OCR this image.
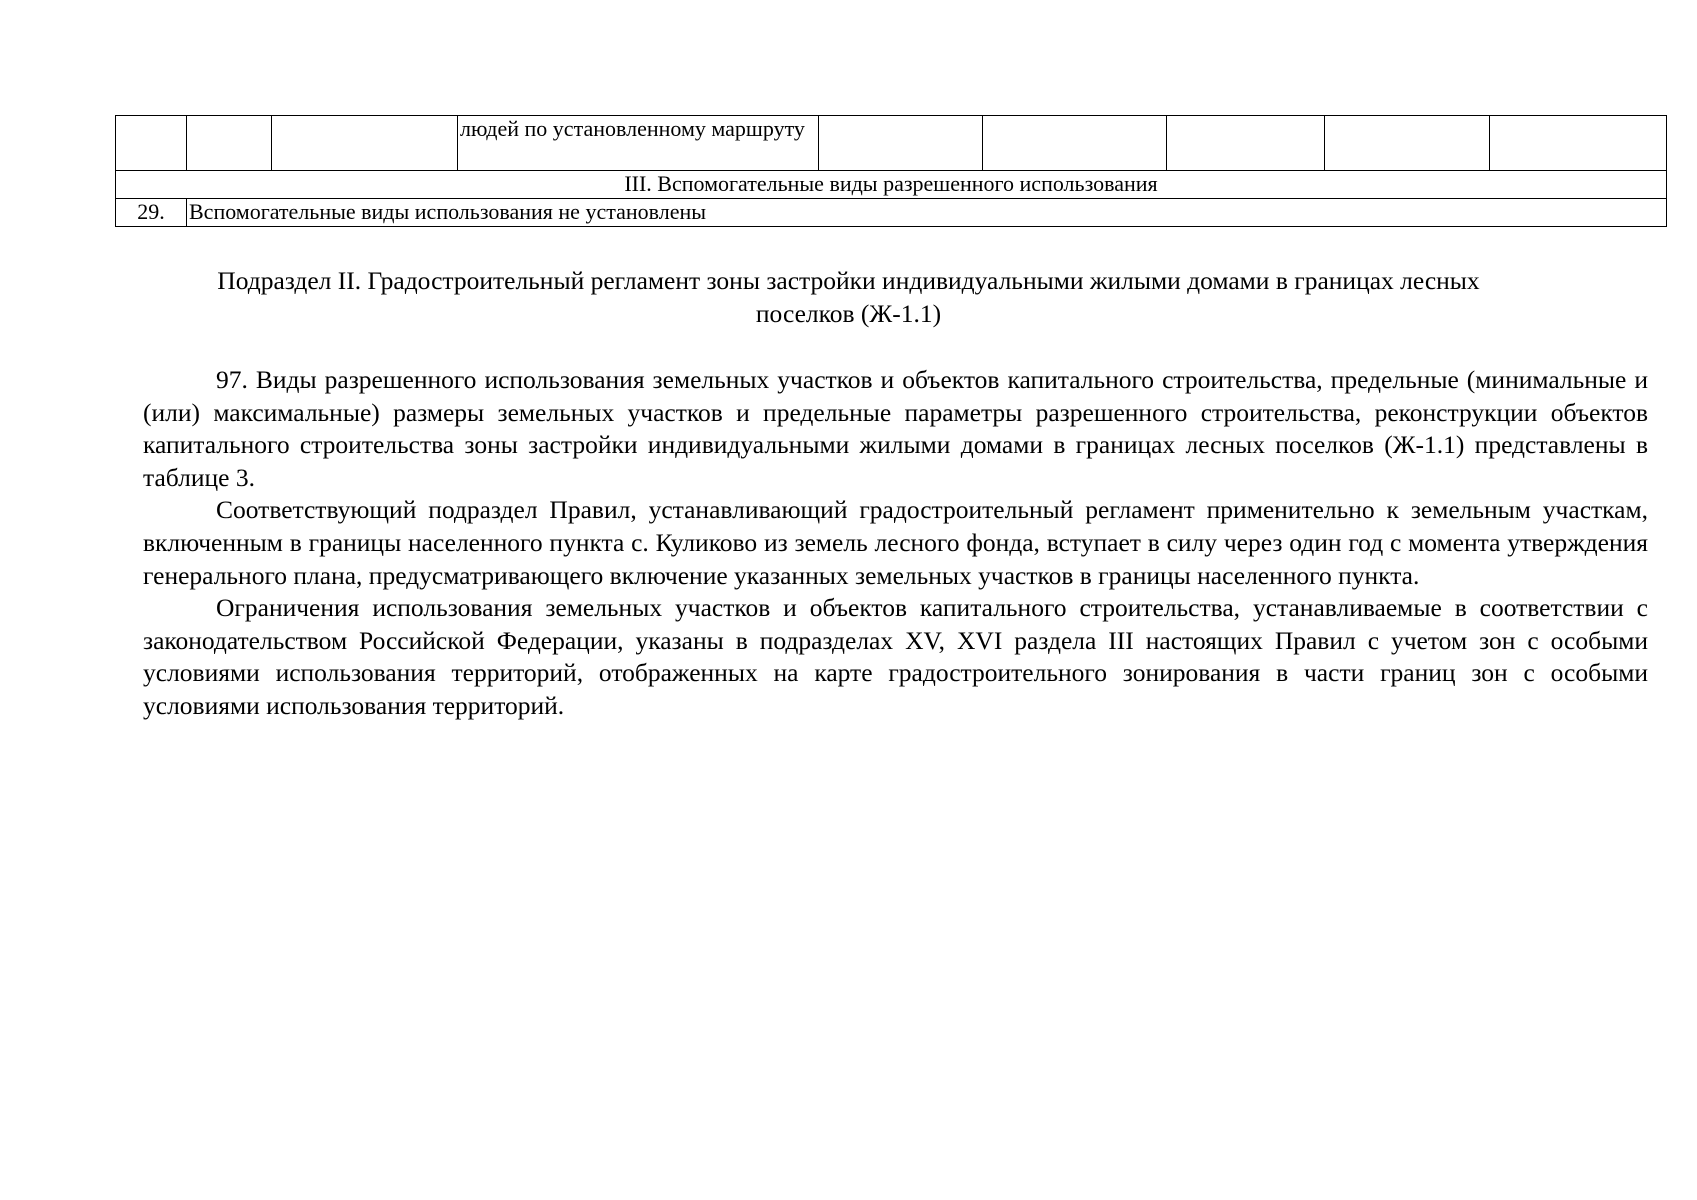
			людей по установленному маршруту					
III. Вспомогательные виды разрешенного использования								
29.	Вспомогательные виды использования не установлены							
Подраздел II. Градостроительный регламент зоны застройки индивидуальными жилыми домами в границах лесных поселков (Ж-1.1)

97. Виды разрешенного использования земельных участков и объектов капитального строительства, предельные (минимальные и (или) максимальные) размеры земельных участков и предельные параметры разрешенного строительства, реконструкции объектов капитального строительства зоны застройки индивидуальными жилыми домами в границах лесных поселков (Ж-1.1) представлены в таблице 3.

Соответствующий подраздел Правил, устанавливающий градостроительный регламент применительно к земельным участкам, включенным в границы населенного пункта с. Куликово из земель лесного фонда, вступает в силу через один год с момента утверждения генерального плана, предусматривающего включение указанных земельных участков в границы населенного пункта.

Ограничения использования земельных участков и объектов капитального строительства, устанавливаемые в соответствии с законодательством Российской Федерации, указаны в подразделах XV, XVI раздела III настоящих Правил с учетом зон с особыми условиями использования территорий, отображенных на карте градостроительного зонирования в части границ зон с особыми условиями использования территорий.
